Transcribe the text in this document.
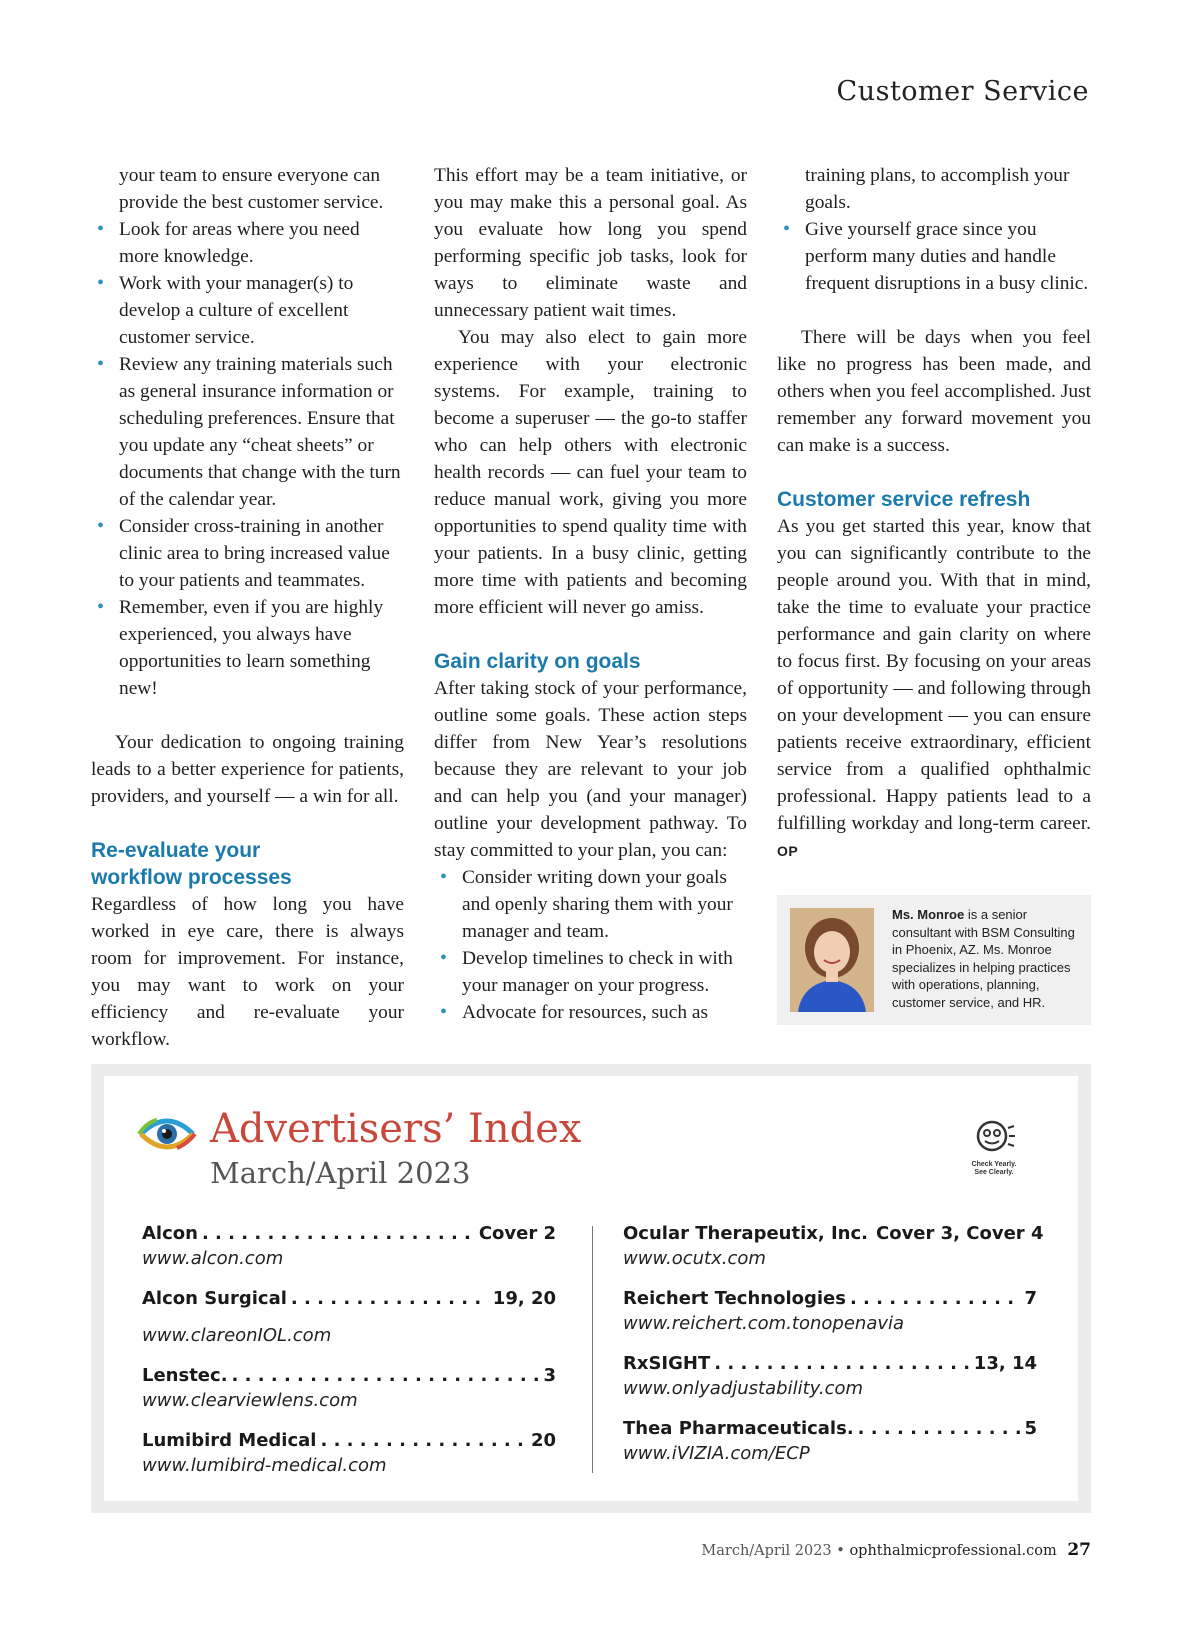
Customer Service

your team to ensure everyone can provide the best customer service.

• Look for areas where you need more knowledge.
• Work with your manager(s) to develop a culture of excellent customer service.
• Review any training materials such as general insurance information or scheduling preferences. Ensure that you update any “cheat sheets” or documents that change with the turn of the calendar year.
• Consider cross-training in another clinic area to bring increased value to your patients and teammates.
• Remember, even if you are highly experienced, you always have opportunities to learn something new!

Your dedication to ongoing training leads to a better experience for patients, providers, and yourself — a win for all.

Re-evaluate your workflow processes

Regardless of how long you have worked in eye care, there is always room for improvement. For instance, you may want to work on your efficiency and re-evaluate your workflow.

This effort may be a team initiative, or you may make this a personal goal. As you evaluate how long you spend performing specific job tasks, look for ways to eliminate waste and unnecessary patient wait times.

You may also elect to gain more experience with your electronic systems. For example, training to become a superuser — the go-to staffer who can help others with electronic health records — can fuel your team to reduce manual work, giving you more opportunities to spend quality time with your patients. In a busy clinic, getting more time with patients and becoming more efficient will never go amiss.

Gain clarity on goals

After taking stock of your performance, outline some goals. These action steps differ from New Year’s resolutions because they are relevant to your job and can help you (and your manager) outline your development pathway. To stay committed to your plan, you can:

• Consider writing down your goals and openly sharing them with your manager and team.
• Develop timelines to check in with your manager on your progress.
• Advocate for resources, such as

training plans, to accomplish your goals.

• Give yourself grace since you perform many duties and handle frequent disruptions in a busy clinic.

There will be days when you feel like no progress has been made, and others when you feel accomplished. Just remember any forward movement you can make is a success.

Customer service refresh

As you get started this year, know that you can significantly contribute to the people around you. With that in mind, take the time to evaluate your practice performance and gain clarity on where to focus first. By focusing on your areas of opportunity — and following through on your development — you can ensure patients receive extraordinary, efficient service from a qualified ophthalmic professional. Happy patients lead to a fulfilling workday and long-term career. OP

Ms. Monroe is a senior consultant with BSM Consulting in Phoenix, AZ. Ms. Monroe specializes in helping practices with operations, planning, customer service, and HR.
Advertisers’ Index
March/April 2023	Check Yearly.
See Clearly.
Alcon . . .	Cover 2
www.alcon.com
Alcon Surgical . . .	19, 20
www.clareonIOL.com
Lenstec. . . .	3
www.clearviewlens.com
Lumibird Medical . . .	20
www.lumibird-medical.com
Ocular Therapeutix, Inc. Cover 3, Cover 4
www.ocutx.com
Reichert Technologies . . .	7
www.reichert.com.tonopenavia
RxSIGHT . . .	13, 14
www.onlyadjustability.com
Thea Pharmaceuticals. . . .	5
www.iVIZIA.com/ECP
March/April 2023 • ophthalmicprofessional.com 27
